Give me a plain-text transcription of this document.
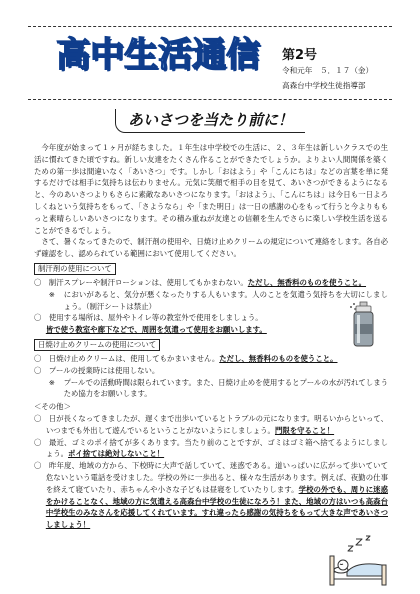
高中生活通信 第2号
令和元年　５．１７（金）
高森台中学校生徒指導部
あいさつを当たり前に！

今年度が始まって１ヶ月が経ちました。１年生は中学校での生活に、２、３年生は新しいクラスでの生活に慣れてきた頃ですね。新しい友達をたくさん作ることができたでしょうか。よりよい人間関係を築くための第一歩は間違いなく「あいさつ」です。しかし「おはよう」や「こんにちは」などの言葉を単に発するだけでは相手に気持ちは伝わりません。元気に笑顔で相手の目を見て、あいさつができるようになると、今のあいさつよりもさらに素敵なあいさつになります。「おはよう」、「こんにちは」は今日も一日よろしくねという気持ちをもって、「さようなら」や「また明日」は一日の感謝の心をもって行うと今よりももっと素晴らしいあいさつになります。その積み重ねが友達との信頼を生んでさらに楽しい学校生活を送ることができるでしょう。

さて、暑くなってきたので、制汗剤の使用や、日焼け止めクリームの規定について連絡をします。各自必ず確認をし、認められている範囲において使用してください。

制汗剤の使用について
〇 制汗スプレーや制汗ローションは、使用してもかまわない。ただし、無香料のものを使うこと。
※ においがあると、気分が悪くなったりする人もいます。人のことを気遣う気持ちを大切にしましょう。（制汗シートは禁止）
〇 使用する場所は、屋外やトイレ等の教室外で使用をしましょう。
皆で使う教室や廊下などで、周囲を気遣って使用をお願いします。
日焼け止めクリームの使用について
〇 日焼け止めクリームは、使用してもかまいません。ただし、無香料のものを使うこと。
〇 プールの授業時には使用しない。
※ プールでの活動時間は限られています。また、日焼け止めを使用するとプールの水が汚れてしまうため協力をお願いします。
＜その他＞
〇 日が長くなってきましたが、遅くまで出歩いているとトラブルの元になります。明るいからといって、いつまでも外出して遊んでいるということがないようにしましょう。門限を守ること！
〇 最近、ゴミのポイ捨てが多くあります。当たり前のことですが、ゴミはゴミ箱へ捨てるようにしましょう。ポイ捨ては絶対しないこと！
〇 昨年度、地域の方から、下校時に大声で話していて、迷惑である。道いっぱいに広がって歩いていて危ないという電話を受けました。学校の外に一歩出ると、様々な生活があります。例えば、夜勤の仕事を終えて寝ていたり、赤ちゃんや小さな子どもは昼寝をしていたりします。学校の外でも、周りに迷惑をかけることなく、地域の方に気遣える高森台中学校の生徒になろう！また、地域の方はいつも高森台中学校生のみなさんを応援してくれています。すれ違ったら感謝の気持ちをもって大きな声であいさつしましょう！
